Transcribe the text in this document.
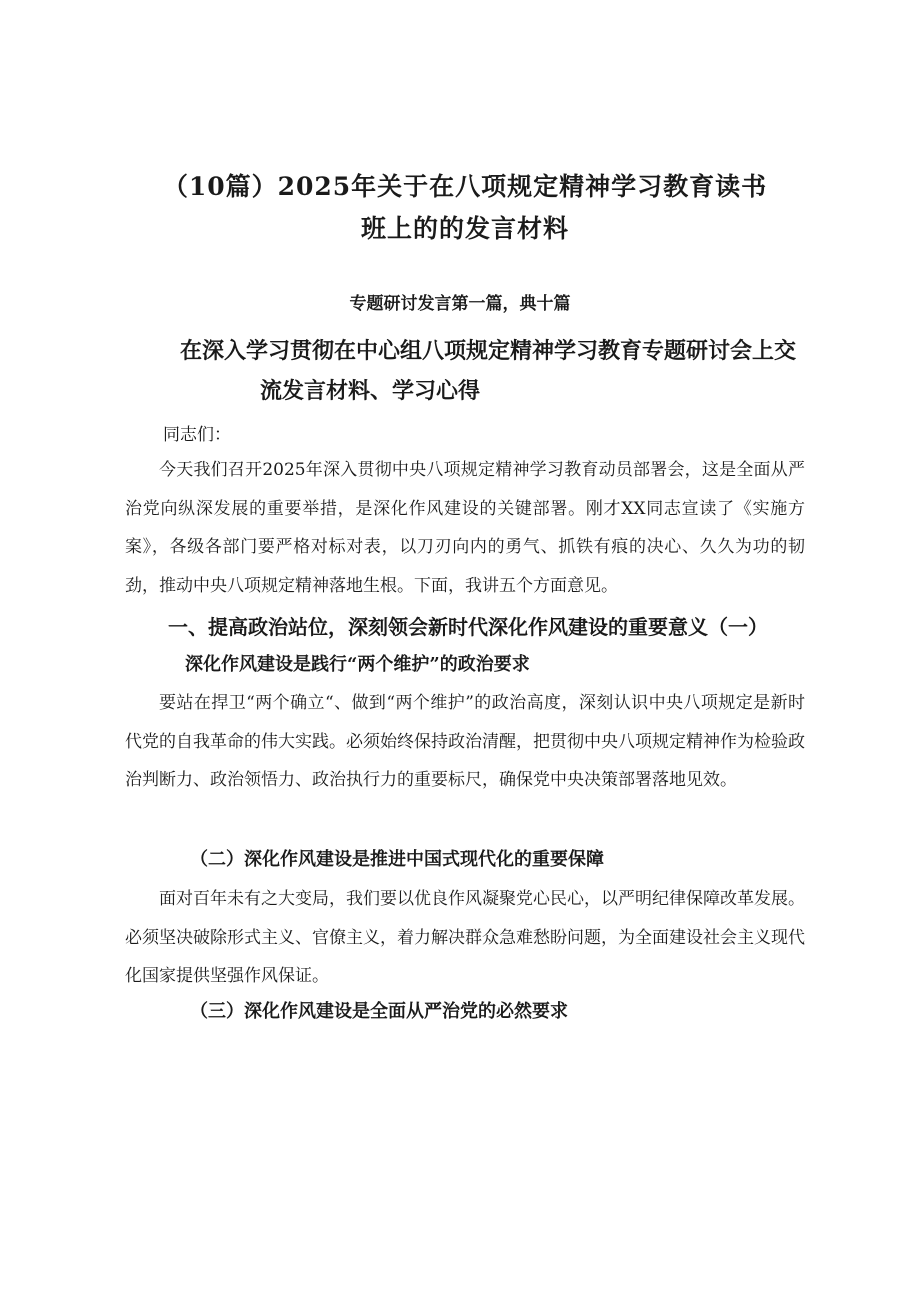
（10篇）2025年关于在八项规定精神学习教育读书班上的的发言材料

专题研讨发言第一篇，典十篇

在深入学习贯彻在中心组八项规定精神学习教育专题研讨会上交
流发言材料、学习心得

同志们：

今天我们召开2025年深入贯彻中央八项规定精神学习教育动员部署会，这是全面从严治党向纵深发展的重要举措，是深化作风建设的关键部署。刚才XX同志宣读了《实施方案》，各级各部门要严格对标对表，以刀刃向内的勇气、抓铁有痕的决心、久久为功的韧劲，推动中央八项规定精神落地生根。下面，我讲五个方面意见。

一、提高政治站位，深刻领会新时代深化作风建设的重要意义（一）

深化作风建设是践行“两个维护”的政治要求

要站在捍卫“两个确立“、做到“两个维护”的政治高度，深刻认识中央八项规定是新时代党的自我革命的伟大实践。必须始终保持政治清醒，把贯彻中央八项规定精神作为检验政治判断力、政治领悟力、政治执行力的重要标尺，确保党中央决策部署落地见效。

（二）深化作风建设是推进中国式现代化的重要保障

面对百年未有之大变局，我们要以优良作风凝聚党心民心，以严明纪律保障改革发展。必须坚决破除形式主义、官僚主义，着力解决群众急难愁盼问题，为全面建设社会主义现代化国家提供坚强作风保证。

（三）深化作风建设是全面从严治党的必然要求
